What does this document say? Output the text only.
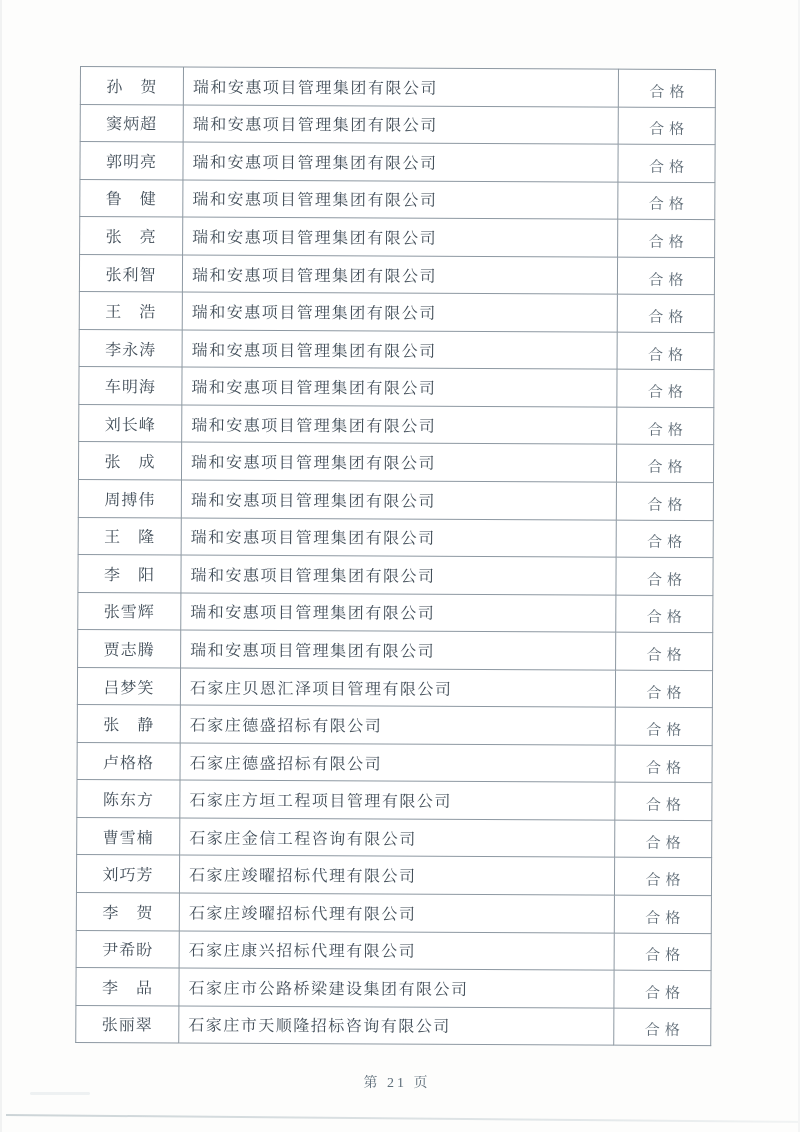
孙　贺	瑞和安惠项目管理集团有限公司	合格
窦炳超	瑞和安惠项目管理集团有限公司	合格
郭明亮	瑞和安惠项目管理集团有限公司	合格
鲁　健	瑞和安惠项目管理集团有限公司	合格
张　亮	瑞和安惠项目管理集团有限公司	合格
张利智	瑞和安惠项目管理集团有限公司	合格
王　浩	瑞和安惠项目管理集团有限公司	合格
李永涛	瑞和安惠项目管理集团有限公司	合格
车明海	瑞和安惠项目管理集团有限公司	合格
刘长峰	瑞和安惠项目管理集团有限公司	合格
张　成	瑞和安惠项目管理集团有限公司	合格
周搏伟	瑞和安惠项目管理集团有限公司	合格
王　隆	瑞和安惠项目管理集团有限公司	合格
李　阳	瑞和安惠项目管理集团有限公司	合格
张雪辉	瑞和安惠项目管理集团有限公司	合格
贾志腾	瑞和安惠项目管理集团有限公司	合格
吕梦笑	石家庄贝恩汇泽项目管理有限公司	合格
张　静	石家庄德盛招标有限公司	合格
卢格格	石家庄德盛招标有限公司	合格
陈东方	石家庄方垣工程项目管理有限公司	合格
曹雪楠	石家庄金信工程咨询有限公司	合格
刘巧芳	石家庄竣曜招标代理有限公司	合格
李　贺	石家庄竣曜招标代理有限公司	合格
尹希盼	石家庄康兴招标代理有限公司	合格
李　品	石家庄市公路桥梁建设集团有限公司	合格
张丽翠	石家庄市天顺隆招标咨询有限公司	合格
第 21 页
